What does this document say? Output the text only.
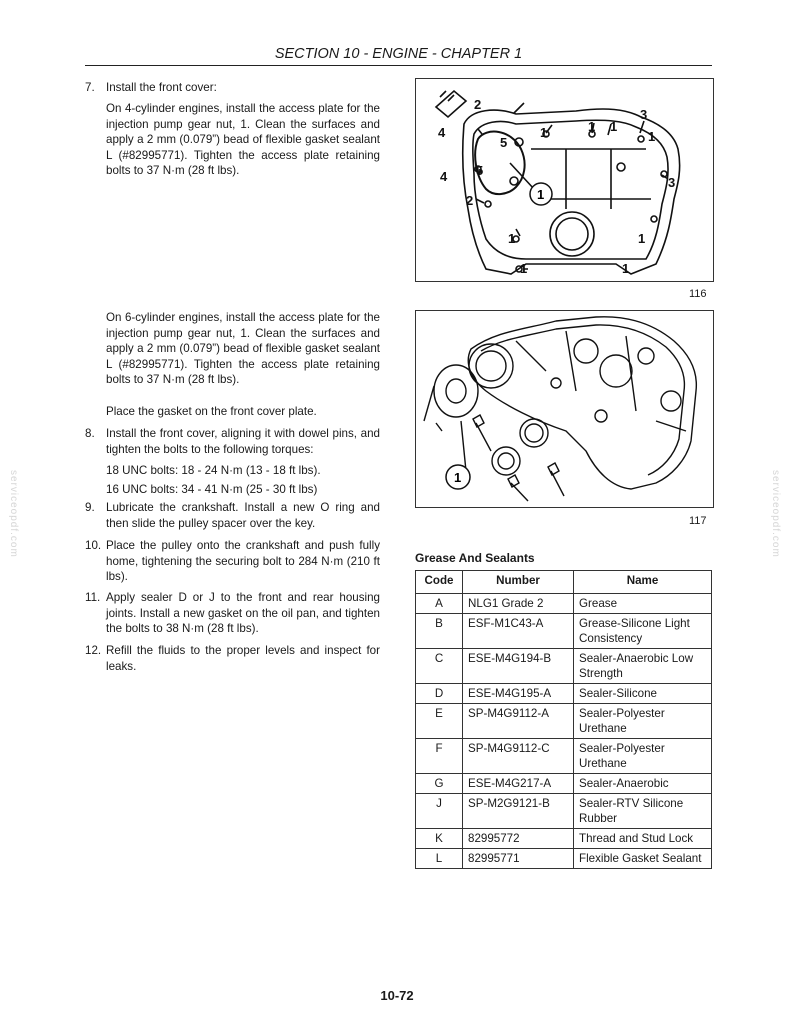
SECTION 10 - ENGINE - CHAPTER 1
7. Install the front cover:
On 4-cylinder engines, install the access plate for the injection pump gear nut, 1. Clean the surfaces and apply a 2 mm (0.079”) bead of flexible gasket sealant L (#82995771). Tighten the access plate retaining bolts to 37 N·m (28 ft lbs).
On 6-cylinder engines, install the access plate for the injection pump gear nut, 1. Clean the surfaces and apply a 2 mm (0.079”) bead of flexible gasket sealant L (#82995771). Tighten the access plate retaining bolts to 37 N·m (28 ft lbs).
Place the gasket on the front cover plate.
8. Install the front cover, aligning it with dowel pins, and tighten the bolts to the following torques:
18 UNC bolts: 18 - 24 N·m (13 - 18 ft lbs).
16 UNC bolts: 34 - 41 N·m (25 - 30 ft lbs)
9. Lubricate the crankshaft. Install a new O ring and then slide the pulley spacer over the key.
10. Place the pulley onto the crankshaft and push fully home, tightening the securing bolt to 284 N·m (210 ft lbs).
11. Apply sealer D or J to the front and rear housing joints. Install a new gasket on the oil pan, and tighten the bolts to 38 N·m (28 ft lbs).
12. Refill the fluids to the proper levels and inspect for leaks.
2
3
4
5
1	1 1
1
5
4	3
2
1	1
1	1
1
116
1
117
Grease And Sealants
Code	Number	Name
A	NLG1 Grade 2	Grease
B	ESF-M1C43-A	Grease-Silicone Light Consistency
C	ESE-M4G194-B	Sealer-Anaerobic Low Strength
D	ESE-M4G195-A	Sealer-Silicone
E	SP-M4G9112-A	Sealer-Polyester Urethane
F	SP-M4G9112-C	Sealer-Polyester Urethane
G	ESE-M4G217-A	Sealer-Anaerobic
J	SP-M2G9121-B	Sealer-RTV Silicone Rubber
K	82995772	Thread and Stud Lock
L	82995771	Flexible Gasket Sealant
10-72
serviceopdf.com	serviceopdf.com
